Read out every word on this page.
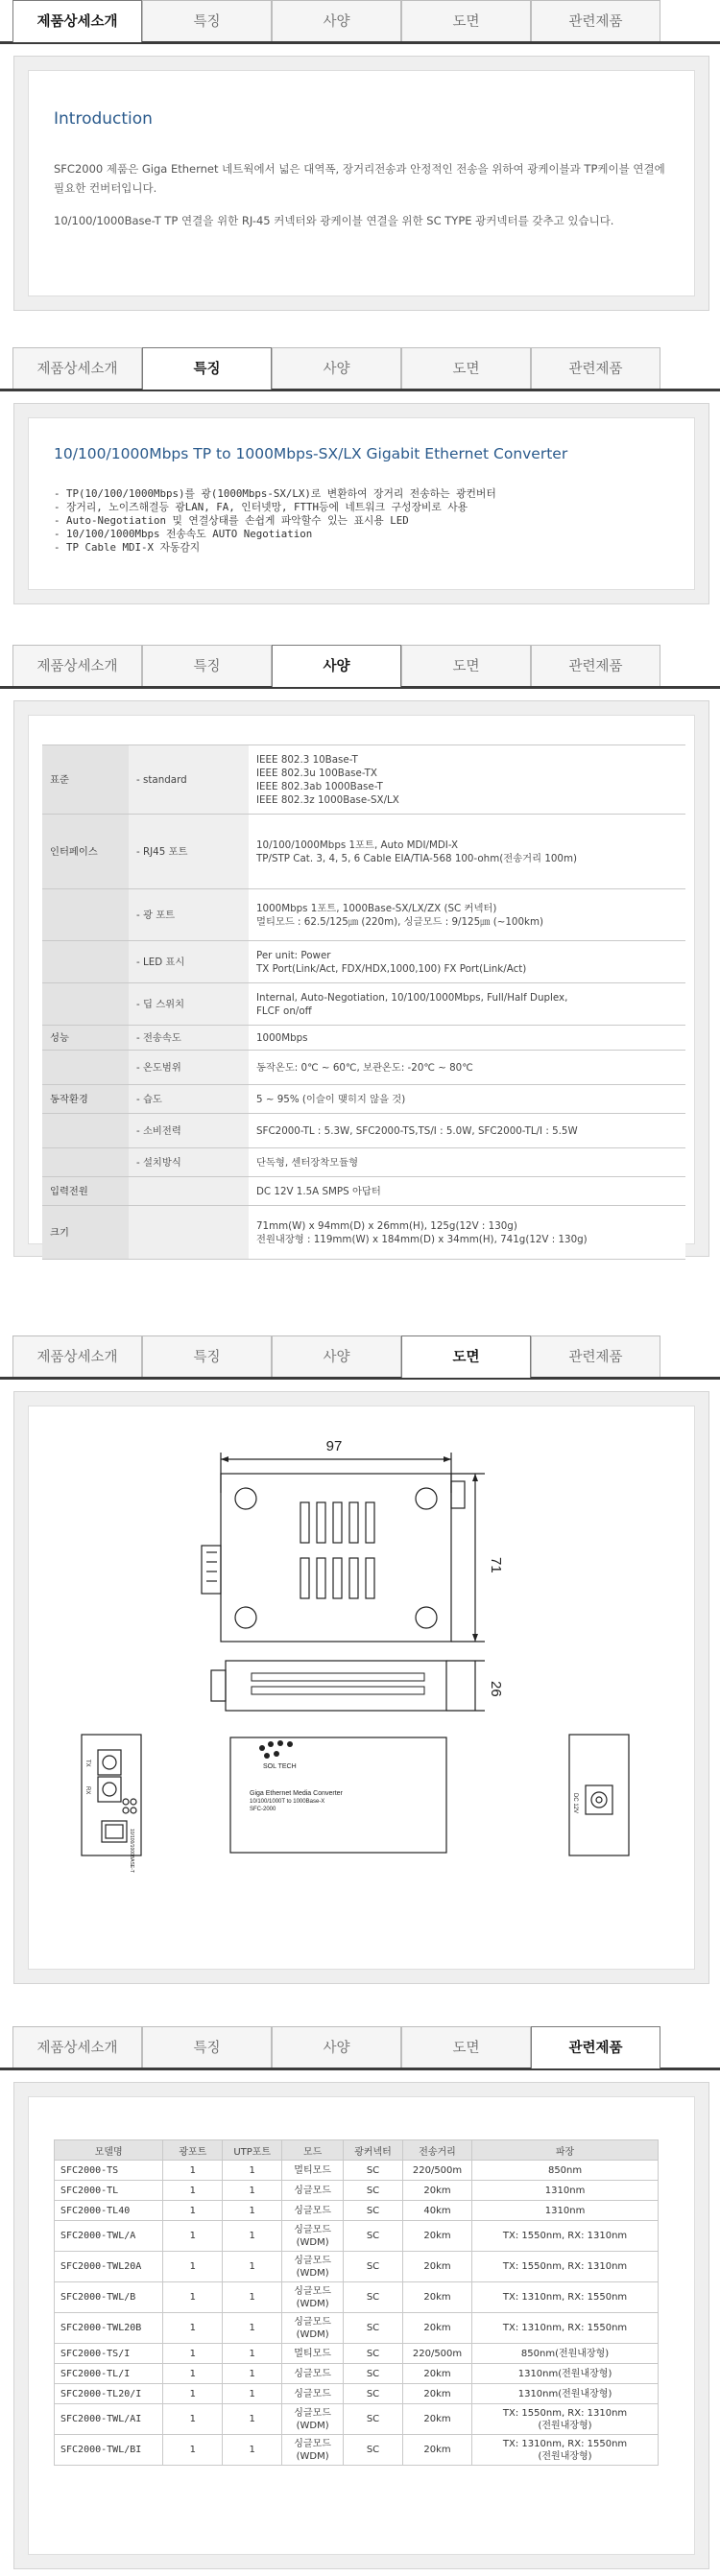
제품상세소개	특징	사양	도면	관련제품
Introduction
SFC2000 제품은 Giga Ethernet 네트웍에서 넓은 대역폭, 장거리전송과 안정적인 전송을 위하여 광케이블과 TP케이블 연결에 필요한 컨버터입니다.
10/100/1000Base-T TP 연결을 위한 RJ-45 커넥터와 광케이블 연결을 위한 SC TYPE 광커넥터를 갖추고 있습니다.
제품상세소개	특징	사양	도면	관련제품
10/100/1000Mbps TP to 1000Mbps-SX/LX Gigabit Ethernet Converter
- TP(10/100/1000Mbps)를 광(1000Mbps-SX/LX)로 변환하여 장거리 전송하는 광컨버터
- 장거리, 노이즈해결등 광LAN, FA, 인터넷망, FTTH등에 네트워크 구성장비로 사용
- Auto-Negotiation 및 연결상태를 손쉽게 파악할수 있는 표시용 LED
- 10/100/1000Mbps 전송속도 AUTO Negotiation
- TP Cable MDI-X 자동감지
제품상세소개	특징	사양	도면	관련제품
표준	- standard	IEEE 802.3 10Base-T
IEEE 802.3u 100Base-TX
IEEE 802.3ab 1000Base-T
IEEE 802.3z 1000Base-SX/LX

인터페이스	- RJ45 포트	10/100/1000Mbps 1포트, Auto MDI/MDI-X
TP/STP Cat. 3, 4, 5, 6 Cable EIA/TIA-568 100-ohm(전송거리 100m)

	- 광 포트	1000Mbps 1포트, 1000Base-SX/LX/ZX (SC 커넥터)
멀티모드 : 62.5/125㎛ (220m), 싱글모드 : 9/125㎛ (~100km)

	- LED 표시	Per unit: Power
TX Port(Link/Act, FDX/HDX,1000,100) FX Port(Link/Act)

	- 딥 스위치	Internal, Auto-Negotiation, 10/100/1000Mbps, Full/Half Duplex,
FLCF on/off

성능	- 전송속도	1000Mbps

	- 온도범위	동작온도: 0℃ ~ 60℃, 보관온도: -20℃ ~ 80℃

동작환경	- 습도	5 ~ 95% (이슬이 맺히지 않을 것)

	- 소비전력	SFC2000-TL : 5.3W, SFC2000-TS,TS/I : 5.0W, SFC2000-TL/I : 5.5W

	- 설치방식	단독형, 센터장착모듈형

입력전원		DC 12V 1.5A SMPS 아답터

크기		71mm(W) x 94mm(D) x 26mm(H), 125g(12V : 130g)
전원내장형 : 119mm(W) x 184mm(D) x 34mm(H), 741g(12V : 130g)
제품상세소개	특징	사양	도면	관련제품
97
71
26
SOL TECH
Giga Ethernet Media Converter
10/100/1000T to 1000Base-X
SFC-2000
TX
RX
10/100/1000BASE-T
DC 12V
제품상세소개	특징	사양	도면	관련제품
모델명	광포트	UTP포트	모드	광커넥터	전송거리	파장
SFC2000-TS	1	1	멀티모드	SC	220/500m	850nm
SFC2000-TL	1	1	싱글모드	SC	20km	1310nm
SFC2000-TL40	1	1	싱글모드	SC	40km	1310nm
SFC2000-TWL/A	1	1	싱글모드
(WDM)	SC	20km	TX: 1550nm, RX: 1310nm
SFC2000-TWL20A	1	1	싱글모드
(WDM)	SC	20km	TX: 1550nm, RX: 1310nm
SFC2000-TWL/B	1	1	싱글모드
(WDM)	SC	20km	TX: 1310nm, RX: 1550nm
SFC2000-TWL20B	1	1	싱글모드
(WDM)	SC	20km	TX: 1310nm, RX: 1550nm
SFC2000-TS/I	1	1	멀티모드	SC	220/500m	850nm(전원내장형)
SFC2000-TL/I	1	1	싱글모드	SC	20km	1310nm(전원내장형)
SFC2000-TL20/I	1	1	싱글모드	SC	20km	1310nm(전원내장형)
SFC2000-TWL/AI	1	1	싱글모드
(WDM)	SC	20km	TX: 1550nm, RX: 1310nm
(전원내장형)
SFC2000-TWL/BI	1	1	싱글모드
(WDM)	SC	20km	TX: 1310nm, RX: 1550nm
(전원내장형)
